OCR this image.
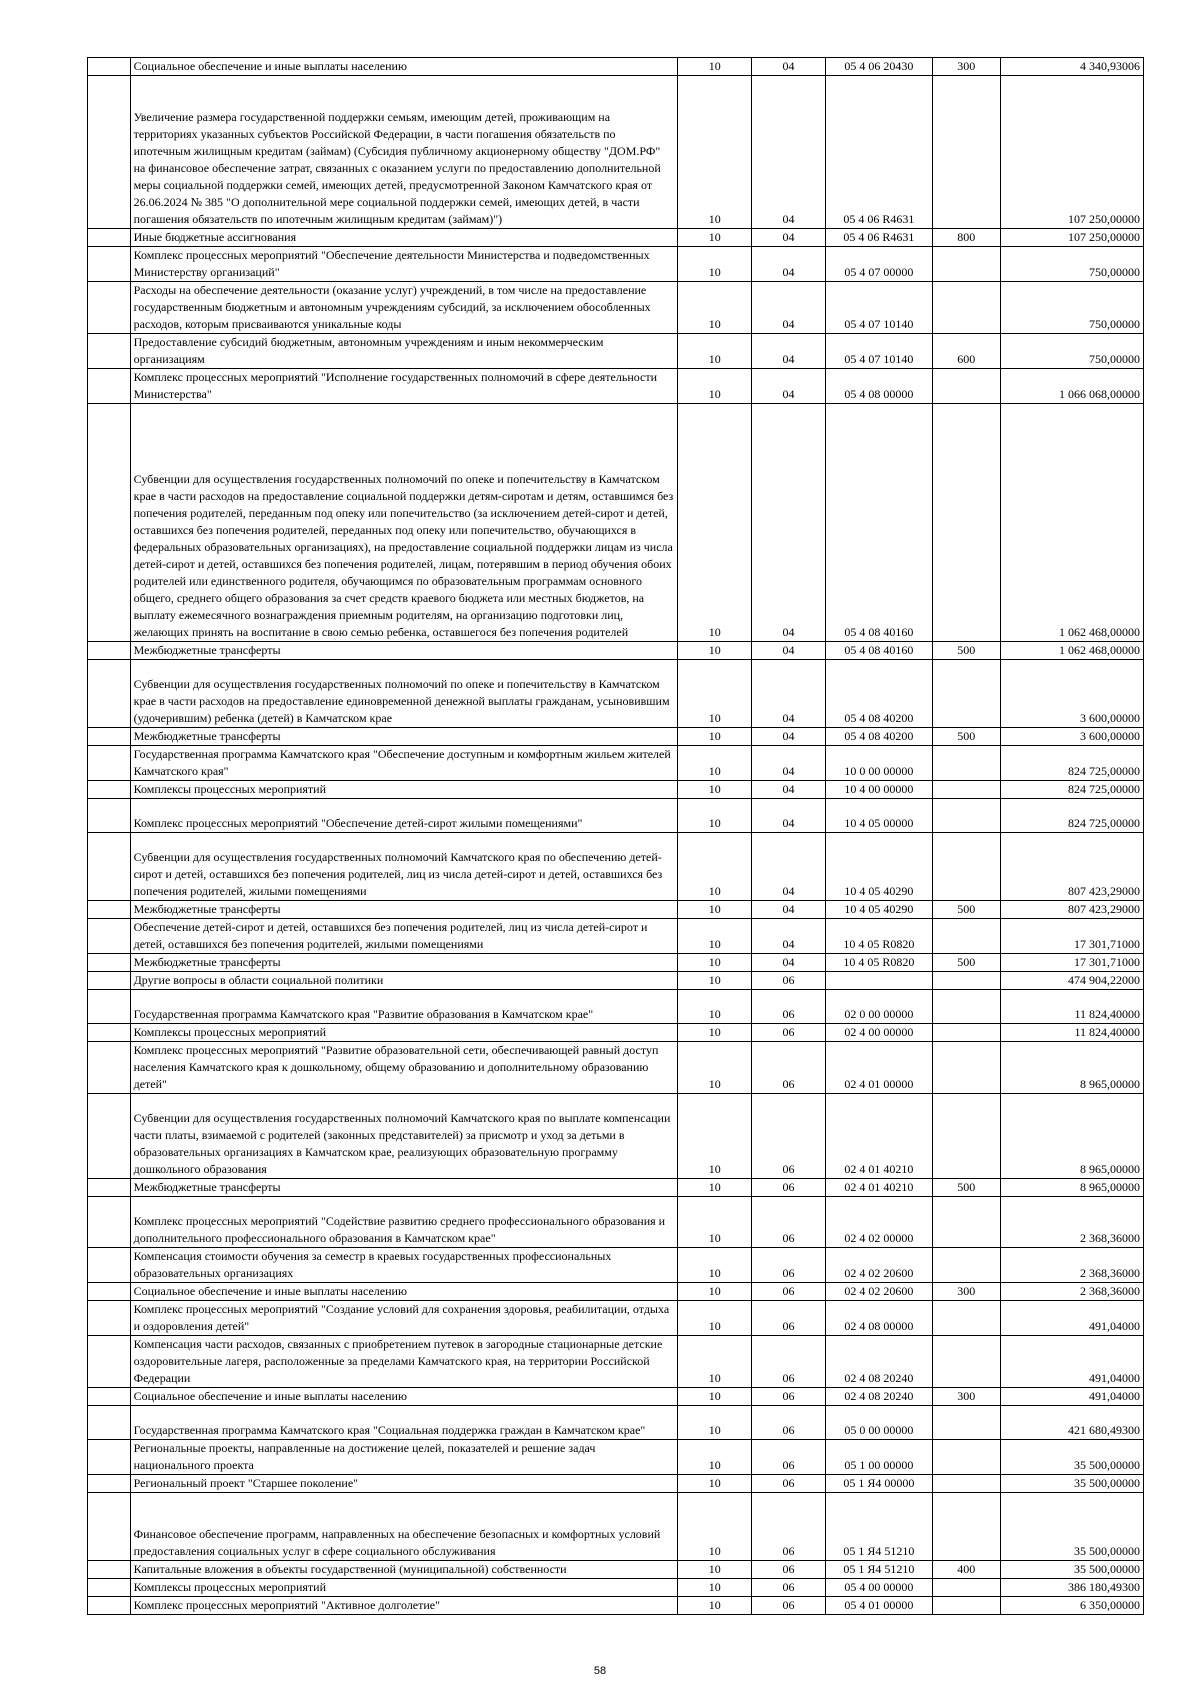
	Социальное обеспечение и иные выплаты населению	10	04	05 4 06 20430	300	4 340,93006
	Увеличение размера государственной поддержки семьям, имеющим детей, проживающим на территориях указанных субъектов Российской Федерации, в части погашения обязательств по ипотечным жилищным кредитам (займам) (Субсидия публичному акционерному обществу "ДОМ.РФ" на финансовое обеспечение затрат, связанных с оказанием услуги по предоставлению дополнительной меры социальной поддержки семей, имеющих детей, предусмотренной Законом Камчатского края от 26.06.2024 № 385 "О дополнительной мере социальной поддержки семей, имеющих детей, в части погашения обязательств по ипотечным жилищным кредитам (займам)")	10	04	05 4 06 R4631		107 250,00000
	Иные бюджетные ассигнования	10	04	05 4 06 R4631	800	107 250,00000
	Комплекс процессных мероприятий "Обеспечение деятельности Министерства и подведомственных Министерству организаций"	10	04	05 4 07 00000		750,00000
	Расходы на обеспечение деятельности (оказание услуг) учреждений, в том числе на предоставление государственным бюджетным и автономным учреждениям субсидий, за исключением обособленных расходов, которым присваиваются уникальные коды	10	04	05 4 07 10140		750,00000
	Предоставление субсидий бюджетным, автономным учреждениям и иным некоммерческим организациям	10	04	05 4 07 10140	600	750,00000
	Комплекс процессных мероприятий "Исполнение государственных полномочий в сфере деятельности Министерства"	10	04	05 4 08 00000		1 066 068,00000
	Субвенции для осуществления государственных полномочий по опеке и попечительству в Камчатском крае в части расходов на предоставление социальной поддержки детям-сиротам и детям, оставшимся без попечения родителей, переданным под опеку или попечительство (за исключением детей-сирот и детей, оставшихся без попечения родителей, переданных под опеку или попечительство, обучающихся в федеральных образовательных организациях), на предоставление социальной поддержки лицам из числа детей-сирот и детей, оставшихся без попечения родителей, лицам, потерявшим в период обучения обоих родителей или единственного родителя, обучающимся по образовательным программам основного общего, среднего общего образования за счет средств краевого бюджета или местных бюджетов, на выплату ежемесячного вознаграждения приемным родителям, на организацию подготовки лиц, желающих принять на воспитание в свою семью ребенка, оставшегося без попечения родителей	10	04	05 4 08 40160		1 062 468,00000
	Межбюджетные трансферты	10	04	05 4 08 40160	500	1 062 468,00000
	Субвенции для осуществления государственных полномочий по опеке и попечительству в Камчатском крае в части расходов на предоставление единовременной денежной выплаты гражданам, усыновившим (удочерившим) ребенка (детей) в Камчатском крае	10	04	05 4 08 40200		3 600,00000
	Межбюджетные трансферты	10	04	05 4 08 40200	500	3 600,00000
	Государственная программа Камчатского края "Обеспечение доступным и комфортным жильем жителей Камчатского края"	10	04	10 0 00 00000		824 725,00000
	Комплексы процессных мероприятий	10	04	10 4 00 00000		824 725,00000
	Комплекс процессных мероприятий "Обеспечение детей-сирот жилыми помещениями"	10	04	10 4 05 00000		824 725,00000
	Субвенции для осуществления государственных полномочий Камчатского края по обеспечению детей-сирот и детей, оставшихся без попечения родителей, лиц из числа детей-сирот и детей, оставшихся без попечения родителей, жилыми помещениями	10	04	10 4 05 40290		807 423,29000
	Межбюджетные трансферты	10	04	10 4 05 40290	500	807 423,29000
	Обеспечение детей-сирот и детей, оставшихся без попечения родителей, лиц из числа детей-сирот и детей, оставшихся без попечения родителей, жилыми помещениями	10	04	10 4 05 R0820		17 301,71000
	Межбюджетные трансферты	10	04	10 4 05 R0820	500	17 301,71000
	Другие вопросы в области социальной политики	10	06			474 904,22000
	Государственная программа Камчатского края "Развитие образования в Камчатском крае"	10	06	02 0 00 00000		11 824,40000
	Комплексы процессных мероприятий	10	06	02 4 00 00000		11 824,40000
	Комплекс процессных мероприятий "Развитие образовательной сети, обеспечивающей равный доступ населения Камчатского края к дошкольному, общему образованию и дополнительному образованию детей"	10	06	02 4 01 00000		8 965,00000
	Субвенции для осуществления государственных полномочий Камчатского края по выплате компенсации части платы, взимаемой с родителей (законных представителей) за присмотр и уход за детьми в образовательных организациях в Камчатском крае, реализующих образовательную программу дошкольного образования	10	06	02 4 01 40210		8 965,00000
	Межбюджетные трансферты	10	06	02 4 01 40210	500	8 965,00000
	Комплекс процессных мероприятий "Содействие развитию среднего профессионального образования и дополнительного профессионального образования в Камчатском крае"	10	06	02 4 02 00000		2 368,36000
	Компенсация стоимости обучения за семестр в краевых государственных профессиональных образовательных организациях	10	06	02 4 02 20600		2 368,36000
	Социальное обеспечение и иные выплаты населению	10	06	02 4 02 20600	300	2 368,36000
	Комплекс процессных мероприятий "Создание условий для сохранения здоровья, реабилитации, отдыха и оздоровления детей"	10	06	02 4 08 00000		491,04000
	Компенсация части расходов, связанных с приобретением путевок в загородные стационарные детские оздоровительные лагеря, расположенные за пределами Камчатского края, на территории Российской Федерации	10	06	02 4 08 20240		491,04000
	Социальное обеспечение и иные выплаты населению	10	06	02 4 08 20240	300	491,04000
	Государственная программа Камчатского края "Социальная поддержка граждан в Камчатском крае"	10	06	05 0 00 00000		421 680,49300
	Региональные проекты, направленные на достижение целей, показателей и решение задач национального проекта	10	06	05 1 00 00000		35 500,00000
	Региональный проект "Старшее поколение"	10	06	05 1 Я4 00000		35 500,00000
	Финансовое обеспечение программ, направленных на обеспечение безопасных и комфортных условий предоставления социальных услуг в сфере социального обслуживания	10	06	05 1 Я4 51210		35 500,00000
	Капитальные вложения в объекты государственной (муниципальной) собственности	10	06	05 1 Я4 51210	400	35 500,00000
	Комплексы процессных мероприятий	10	06	05 4 00 00000		386 180,49300
	Комплекс процессных мероприятий "Активное долголетие"	10	06	05 4 01 00000		6 350,00000
58
